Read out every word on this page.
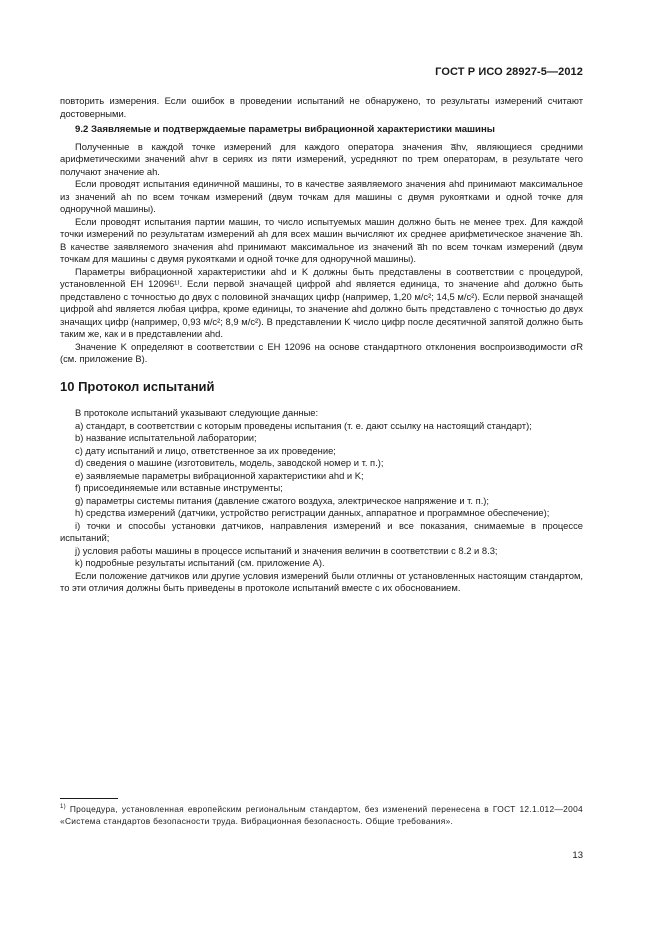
ГОСТ Р ИСО 28927-5—2012

повторить измерения. Если ошибок в проведении испытаний не обнаружено, то результаты измерений считают достоверными.

9.2 Заявляемые и подтверждаемые параметры вибрационной характеристики машины

Полученные в каждой точке измерений для каждого оператора значения a̅hv, являющиеся средними арифметическими значений ahvr в сериях из пяти измерений, усредняют по трем операторам, в результате чего получают значение ah.

Если проводят испытания единичной машины, то в качестве заявляемого значения ahd принимают максимальное из значений ah по всем точкам измерений (двум точкам для машины с двумя рукоятками и одной точке для одноручной машины).

Если проводят испытания партии машин, то число испытуемых машин должно быть не менее трех. Для каждой точки измерений по результатам измерений ah для всех машин вычисляют их среднее арифметическое значение a̅h. В качестве заявляемого значения ahd принимают максимальное из значений a̅h по всем точкам измерений (двум точкам для машины с двумя рукоятками и одной точке для одноручной машины).

Параметры вибрационной характеристики ahd и K должны быть представлены в соответствии с процедурой, установленной ЕН 12096¹⁾. Если первой значащей цифрой ahd является единица, то значение ahd должно быть представлено с точностью до двух с половиной значащих цифр (например, 1,20 м/с²; 14,5 м/с²). Если первой значащей цифрой ahd является любая цифра, кроме единицы, то значение ahd должно быть представлено с точностью до двух значащих цифр (например, 0,93 м/с²; 8,9 м/с²). В представлении K число цифр после десятичной запятой должно быть таким же, как и в представлении ahd.

Значение K определяют в соответствии с ЕН 12096 на основе стандартного отклонения воспроизводимости σR (см. приложение В).

10 Протокол испытаний

В протоколе испытаний указывают следующие данные:

a) стандарт, в соответствии с которым проведены испытания (т. е. дают ссылку на настоящий стандарт);

b) название испытательной лаборатории;

c) дату испытаний и лицо, ответственное за их проведение;

d) сведения о машине (изготовитель, модель, заводской номер и т. п.);

e) заявляемые параметры вибрационной характеристики ahd и K;

f) присоединяемые или вставные инструменты;

g) параметры системы питания (давление сжатого воздуха, электрическое напряжение и т. п.);

h) средства измерений (датчики, устройство регистрации данных, аппаратное и программное обеспечение);

i) точки и способы установки датчиков, направления измерений и все показания, снимаемые в процессе испытаний;

j) условия работы машины в процессе испытаний и значения величин в соответствии с 8.2 и 8.3;

k) подробные результаты испытаний (см. приложение А).

Если положение датчиков или другие условия измерений были отличны от установленных настоящим стандартом, то эти отличия должны быть приведены в протоколе испытаний вместе с их обоснованием.

$^{1)}$ Процедура, установленная европейским региональным стандартом, без изменений перенесена в ГОСТ 12.1.012—2004 «Система стандартов безопасности труда. Вибрационная безопасность. Общие требования».
13
